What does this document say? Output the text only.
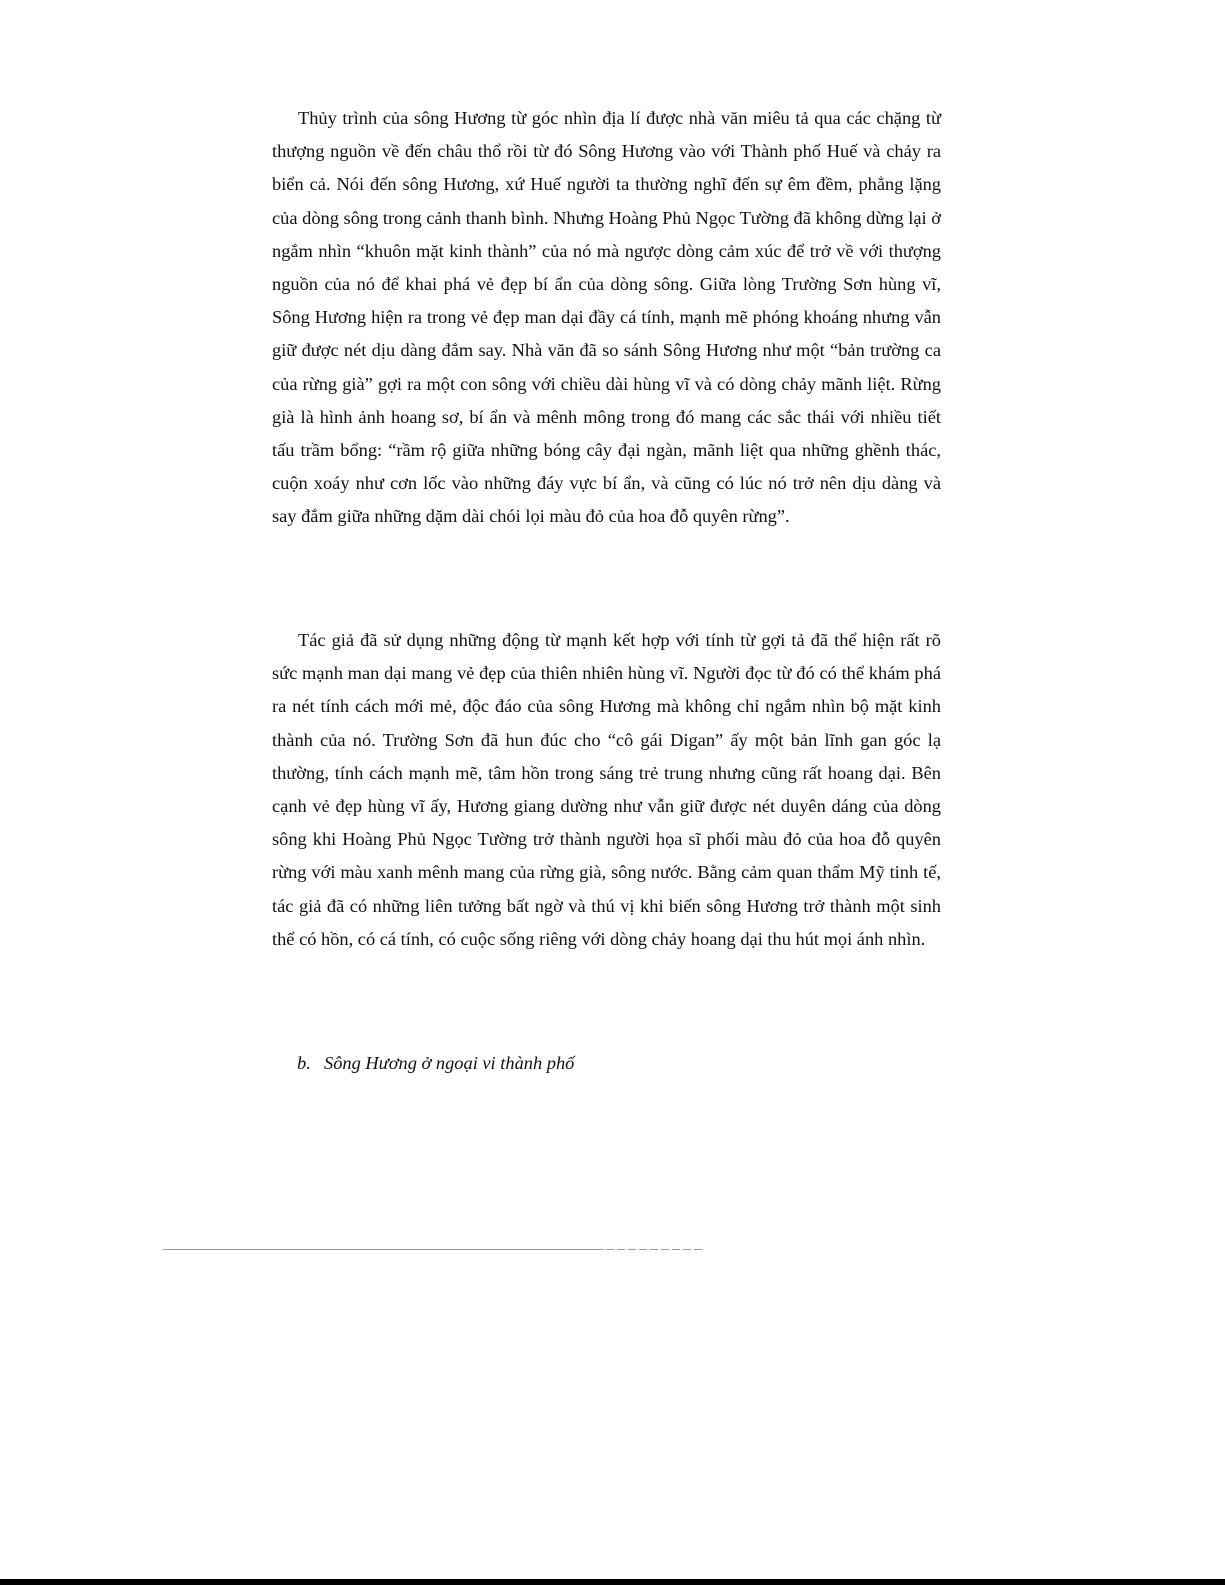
Thủy trình của sông Hương từ góc nhìn địa lí được nhà văn miêu tả qua các chặng từ thượng nguồn về đến châu thổ rồi từ đó Sông Hương vào với Thành phố Huế và chảy ra biển cả. Nói đến sông Hương, xứ Huế người ta thường nghĩ đến sự êm đềm, phẳng lặng của dòng sông trong cảnh thanh bình. Nhưng Hoàng Phủ Ngọc Tường đã không dừng lại ở ngắm nhìn “khuôn mặt kinh thành” của nó mà ngược dòng cảm xúc để trở về với thượng nguồn của nó để khai phá vẻ đẹp bí ẩn của dòng sông. Giữa lòng Trường Sơn hùng vĩ, Sông Hương hiện ra trong vẻ đẹp man dại đầy cá tính, mạnh mẽ phóng khoáng nhưng vẫn giữ được nét dịu dàng đắm say. Nhà văn đã so sánh Sông Hương như một “bản trường ca của rừng già” gợi ra một con sông với chiều dài hùng vĩ và có dòng chảy mãnh liệt. Rừng già là hình ảnh hoang sơ, bí ẩn và mênh mông trong đó mang các sắc thái với nhiều tiết tấu trầm bổng: “rầm rộ giữa những bóng cây đại ngàn, mãnh liệt qua những ghềnh thác, cuộn xoáy như cơn lốc vào những đáy vực bí ẩn, và cũng có lúc nó trở nên dịu dàng và say đắm giữa những dặm dài chói lọi màu đỏ của hoa đỗ quyên rừng”.

Tác giả đã sử dụng những động từ mạnh kết hợp với tính từ gợi tả đã thể hiện rất rõ sức mạnh man dại mang vẻ đẹp của thiên nhiên hùng vĩ. Người đọc từ đó có thể khám phá ra nét tính cách mới mẻ, độc đáo của sông Hương mà không chỉ ngắm nhìn bộ mặt kinh thành của nó. Trường Sơn đã hun đúc cho “cô gái Digan” ấy một bản lĩnh gan góc lạ thường, tính cách mạnh mẽ, tâm hồn trong sáng trẻ trung nhưng cũng rất hoang dại. Bên cạnh vẻ đẹp hùng vĩ ấy, Hương giang dường như vẫn giữ được nét duyên dáng của dòng sông khi Hoàng Phủ Ngọc Tường trở thành người họa sĩ phối màu đỏ của hoa đỗ quyên rừng với màu xanh mênh mang của rừng già, sông nước. Bằng cảm quan thẩm Mỹ tinh tế, tác giả đã có những liên tưởng bất ngờ và thú vị khi biến sông Hương trở thành một sinh thể có hồn, có cá tính, có cuộc sống riêng với dòng chảy hoang dại thu hút mọi ánh nhìn.

b. Sông Hương ở ngoại vi thành phố
